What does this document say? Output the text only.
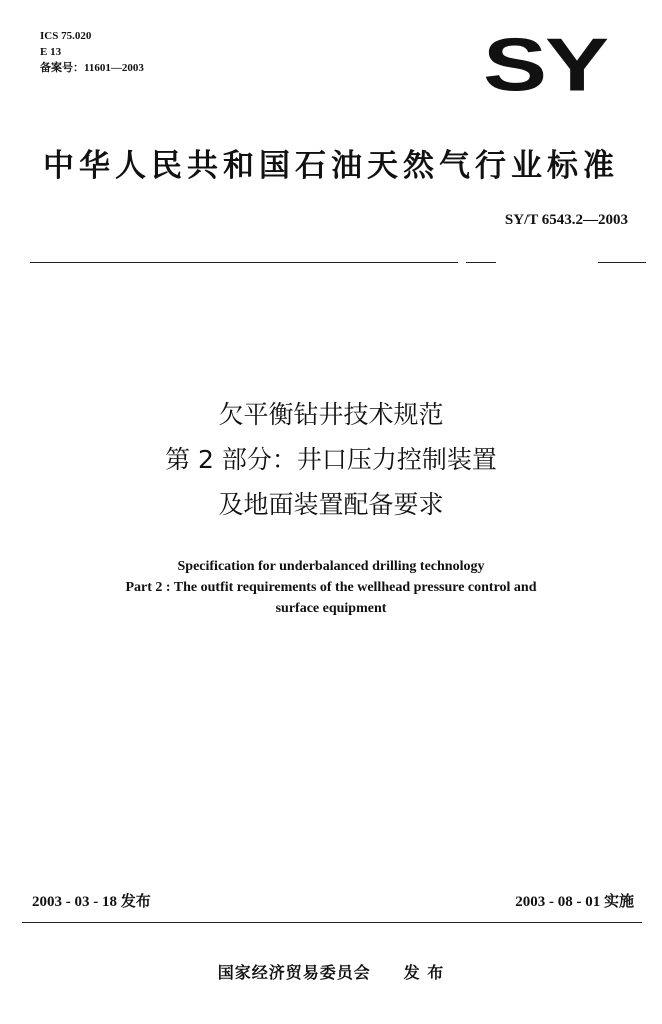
ICS 75.020
E 13
备案号：11601—2003	SY
中华人民共和国石油天然气行业标准
SY/T 6543.2—2003
欠平衡钻井技术规范
第 2 部分：井口压力控制装置
及地面装置配备要求
Specification for underbalanced drilling technology
Part 2 : The outfit requirements of the wellhead pressure control and
surface equipment
2003 - 03 - 18 发布	2003 - 08 - 01 实施
国家经济贸易委员会 发 布
